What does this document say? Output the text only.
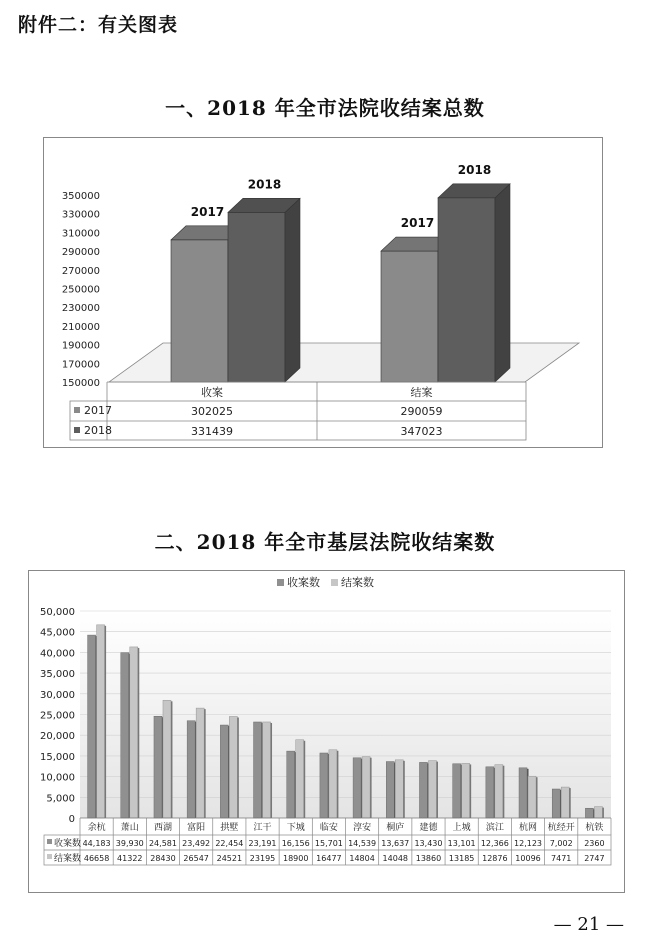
附件二：有关图表
一、2018 年全市法院收结案总数
150000
170000
190000
210000
230000
250000
270000
290000
310000
330000
350000
2017
2017
2018
2018
收案	结案
2017	302025	290059
2018	331439	347023
二、2018 年全市基层法院收结案数
0
5,000
10,000
15,000
20,000
25,000
30,000
35,000
40,000
45,000
50,000
收案数 结案数
余杭 萧山 西湖 富阳 拱墅 江干 下城 临安 淳安 桐庐 建德 上城 滨江 杭网 杭经开 杭铁
收案数 44,183 39,930 24,581 23,492 22,454 23,191 16,156 15,701 14,539 13,637 13,430 13,101 12,366 12,123 7,002 2360
结案数 46658 41322 28430 26547 24521 23195 18900 16477 14804 14048 13860 13185 12876 10096 7471 2747
— 21 —
